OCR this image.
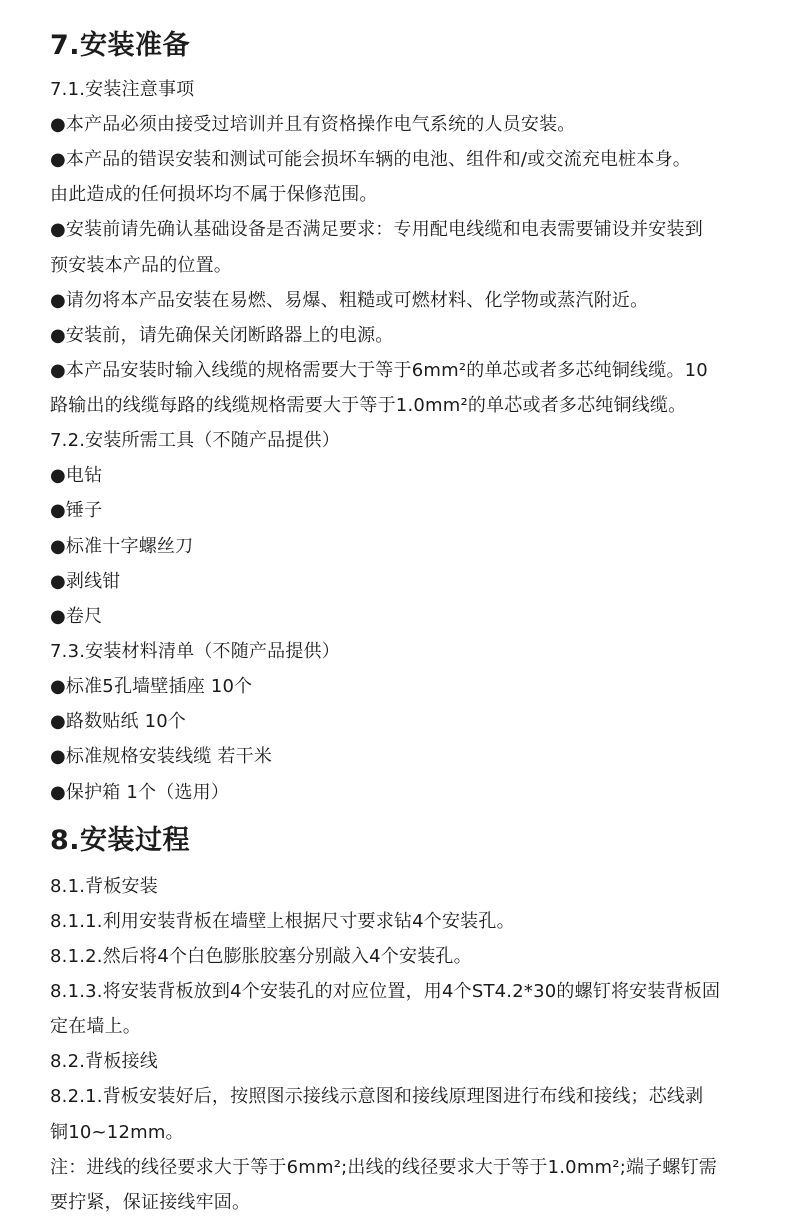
7.安装准备
7.1.安装注意事项
●本产品必须由接受过培训并且有资格操作电气系统的人员安装。
●本产品的错误安装和测试可能会损坏车辆的电池、组件和/或交流充电桩本身。
由此造成的任何损坏均不属于保修范围。
●安装前请先确认基础设备是否满足要求：专用配电线缆和电表需要铺设并安装到
预安装本产品的位置。
●请勿将本产品安装在易燃、易爆、粗糙或可燃材料、化学物或蒸汽附近。
●安装前，请先确保关闭断路器上的电源。
●本产品安装时输入线缆的规格需要大于等于6mm²的单芯或者多芯纯铜线缆。10
路输出的线缆每路的线缆规格需要大于等于1.0mm²的单芯或者多芯纯铜线缆。
7.2.安装所需工具（不随产品提供）
●电钻
●锤子
●标准十字螺丝刀
●剥线钳
●卷尺
7.3.安装材料清单（不随产品提供）
●标准5孔墙壁插座 10个
●路数贴纸 10个
●标准规格安装线缆 若干米
●保护箱 1个（选用）
8.安装过程
8.1.背板安装
8.1.1.利用安装背板在墙壁上根据尺寸要求钻4个安装孔。
8.1.2.然后将4个白色膨胀胶塞分别敲入4个安装孔。
8.1.3.将安装背板放到4个安装孔的对应位置，用4个ST4.2*30的螺钉将安装背板固
定在墙上。
8.2.背板接线
8.2.1.背板安装好后，按照图示接线示意图和接线原理图进行布线和接线；芯线剥
铜10~12mm。
注：进线的线径要求大于等于6mm²;出线的线径要求大于等于1.0mm²;端子螺钉需
要拧紧，保证接线牢固。
